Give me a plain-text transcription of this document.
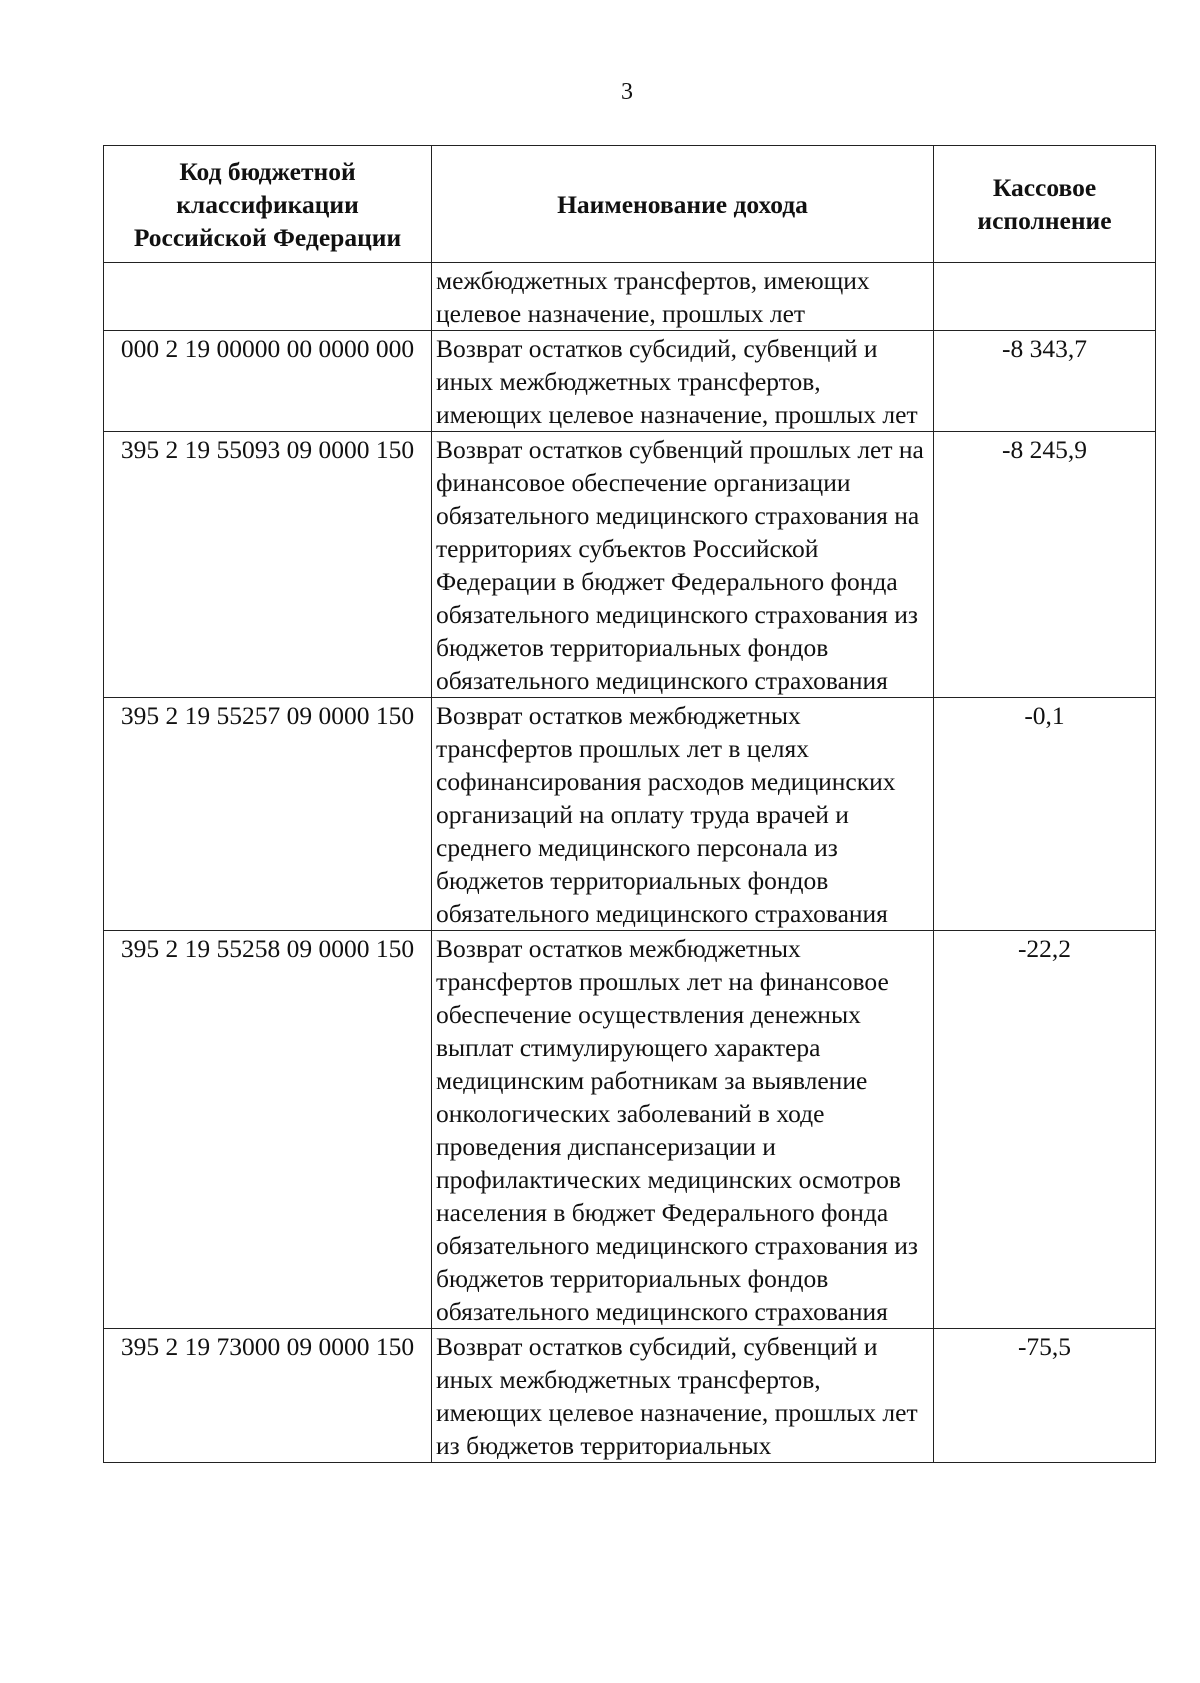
3
Код бюджетной классификации Российской Федерации	Наименование дохода	Кассовое исполнение
	межбюджетных трансфертов, имеющих целевое назначение, прошлых лет	
000 2 19 00000 00 0000 000	Возврат остатков субсидий, субвенций и иных межбюджетных трансфертов, имеющих целевое назначение, прошлых лет	-8 343,7
395 2 19 55093 09 0000 150	Возврат остатков субвенций прошлых лет на финансовое обеспечение организации обязательного медицинского страхования на территориях субъектов Российской Федерации в бюджет Федерального фонда обязательного медицинского страхования из бюджетов территориальных фондов обязательного медицинского страхования	-8 245,9
395 2 19 55257 09 0000 150	Возврат остатков межбюджетных трансфертов прошлых лет в целях софинансирования расходов медицинских организаций на оплату труда врачей и среднего медицинского персонала из бюджетов территориальных фондов обязательного медицинского страхования	-0,1
395 2 19 55258 09 0000 150	Возврат остатков межбюджетных трансфертов прошлых лет на финансовое обеспечение осуществления денежных выплат стимулирующего характера медицинским работникам за выявление онкологических заболеваний в ходе проведения диспансеризации и профилактических медицинских осмотров населения в бюджет Федерального фонда обязательного медицинского страхования из бюджетов территориальных фондов обязательного медицинского страхования	-22,2
395 2 19 73000 09 0000 150	Возврат остатков субсидий, субвенций и иных межбюджетных трансфертов, имеющих целевое назначение, прошлых лет из бюджетов территориальных	-75,5
